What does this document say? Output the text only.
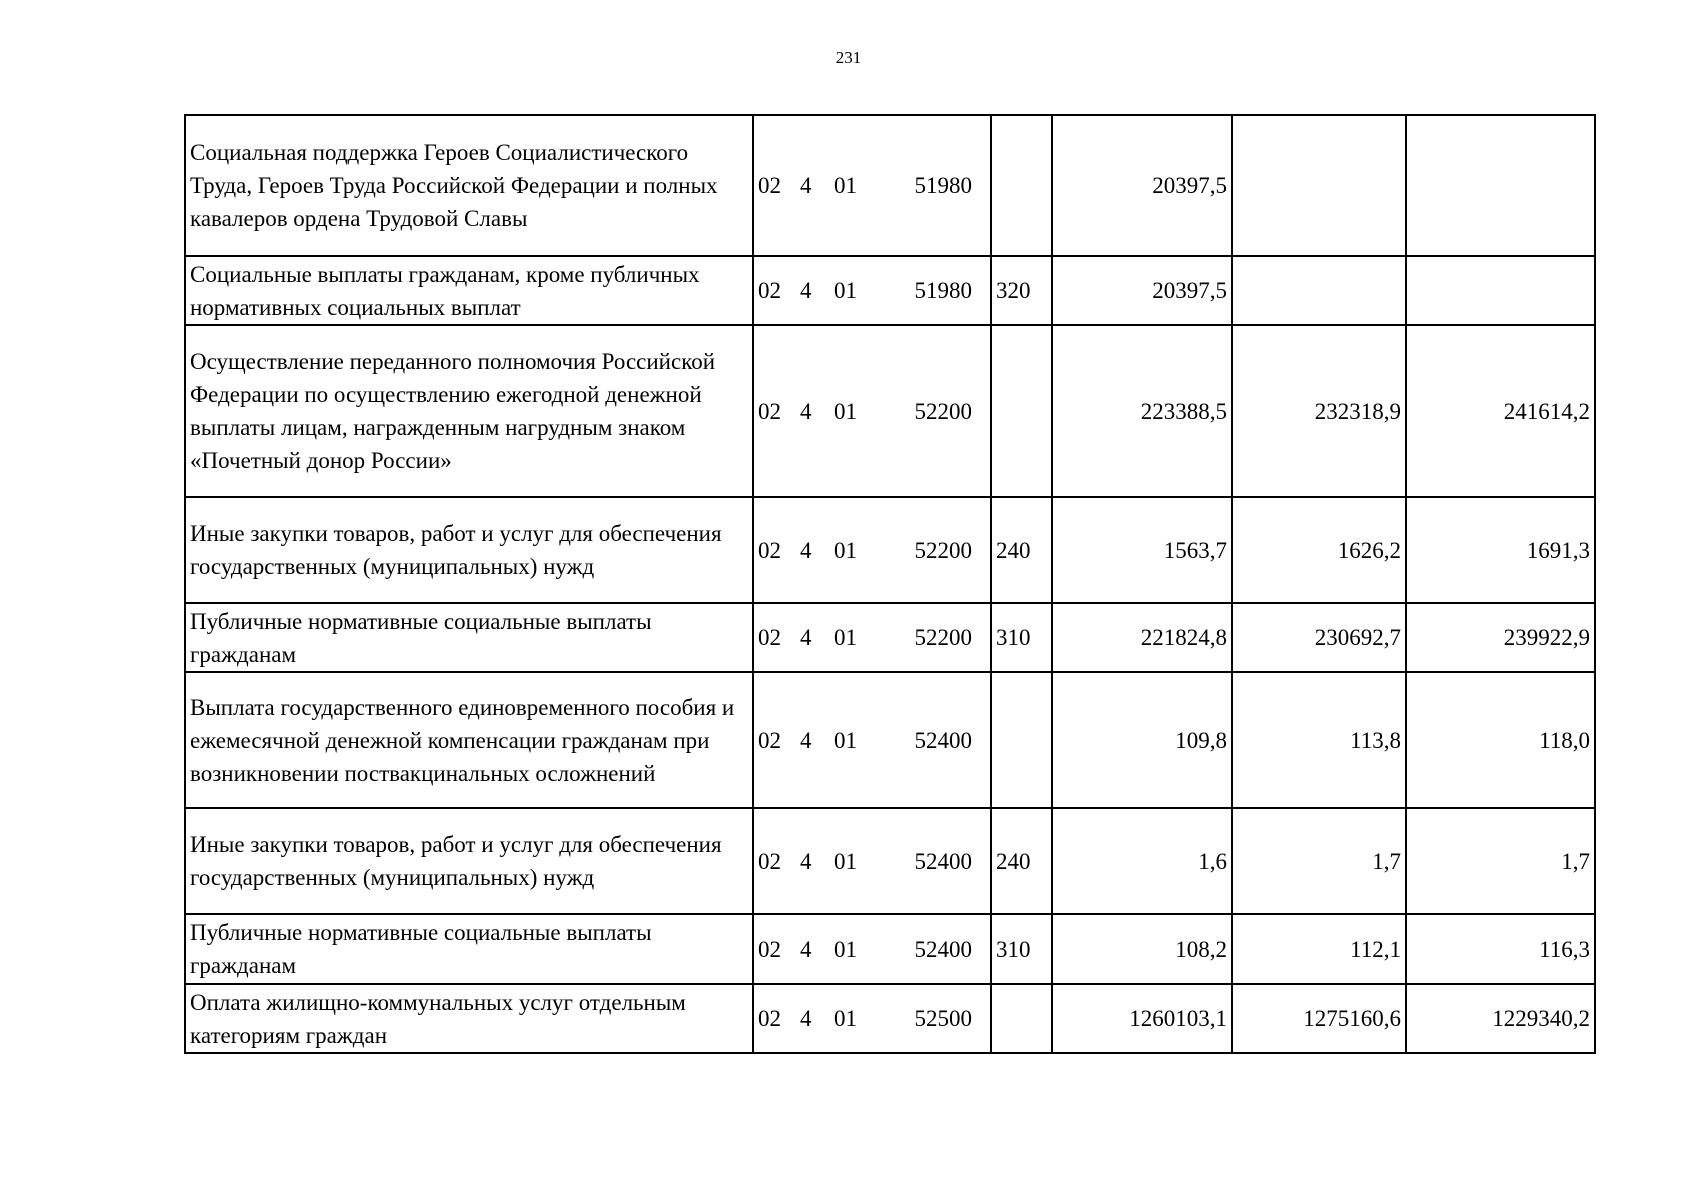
231
Социальная поддержка Героев Социалистического Труда, Героев Труда Российской Федерации и полных кавалеров ордена Трудовой Славы	02 4 01 51980		20397,5		
Социальные выплаты гражданам, кроме публичных нормативных социальных выплат	02 4 01 51980	320	20397,5		
Осуществление переданного полномочия Российской Федерации по осуществлению ежегодной денежной выплаты лицам, награжденным нагрудным знаком «Почетный донор России»	02 4 01 52200		223388,5	232318,9	241614,2
Иные закупки товаров, работ и услуг для обеспечения государственных (муниципальных) нужд	02 4 01 52200	240	1563,7	1626,2	1691,3
Публичные нормативные социальные выплаты гражданам	02 4 01 52200	310	221824,8	230692,7	239922,9
Выплата государственного единовременного пособия и ежемесячной денежной компенсации гражданам при возникновении поствакцинальных осложнений	02 4 01 52400		109,8	113,8	118,0
Иные закупки товаров, работ и услуг для обеспечения государственных (муниципальных) нужд	02 4 01 52400	240	1,6	1,7	1,7
Публичные нормативные социальные выплаты гражданам	02 4 01 52400	310	108,2	112,1	116,3
Оплата жилищно-коммунальных услуг отдельным категориям граждан	02 4 01 52500		1260103,1	1275160,6	1229340,2
